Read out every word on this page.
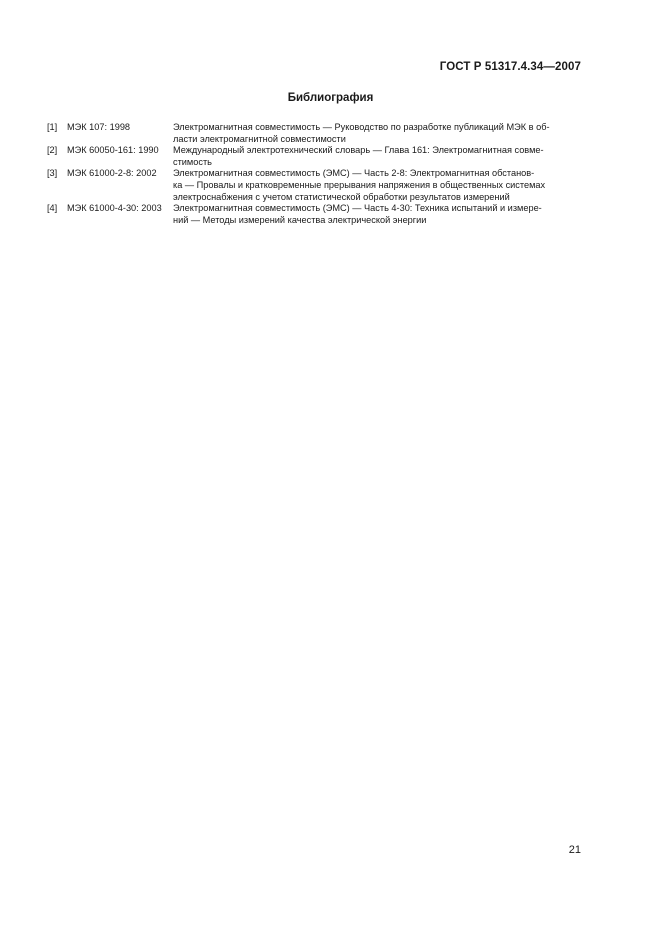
ГОСТ Р 51317.4.34—2007
Библиография
[1]	МЭК 107: 1998	Электромагнитная совместимость — Руководство по разработке публикаций МЭК в об-
ласти электромагнитной совместимости
[2]	МЭК 60050-161: 1990	Международный электротехнический словарь — Глава 161: Электромагнитная совме-
стимость
[3]	МЭК 61000-2-8: 2002	Электромагнитная совместимость (ЭМС) — Часть 2-8: Электромагнитная обстанов-
ка — Провалы и кратковременные прерывания напряжения в общественных системах
электроснабжения с учетом статистической обработки результатов измерений
[4]	МЭК 61000-4-30: 2003	Электромагнитная совместимость (ЭМС) — Часть 4-30: Техника испытаний и измере-
ний — Методы измерений качества электрической энергии
21
